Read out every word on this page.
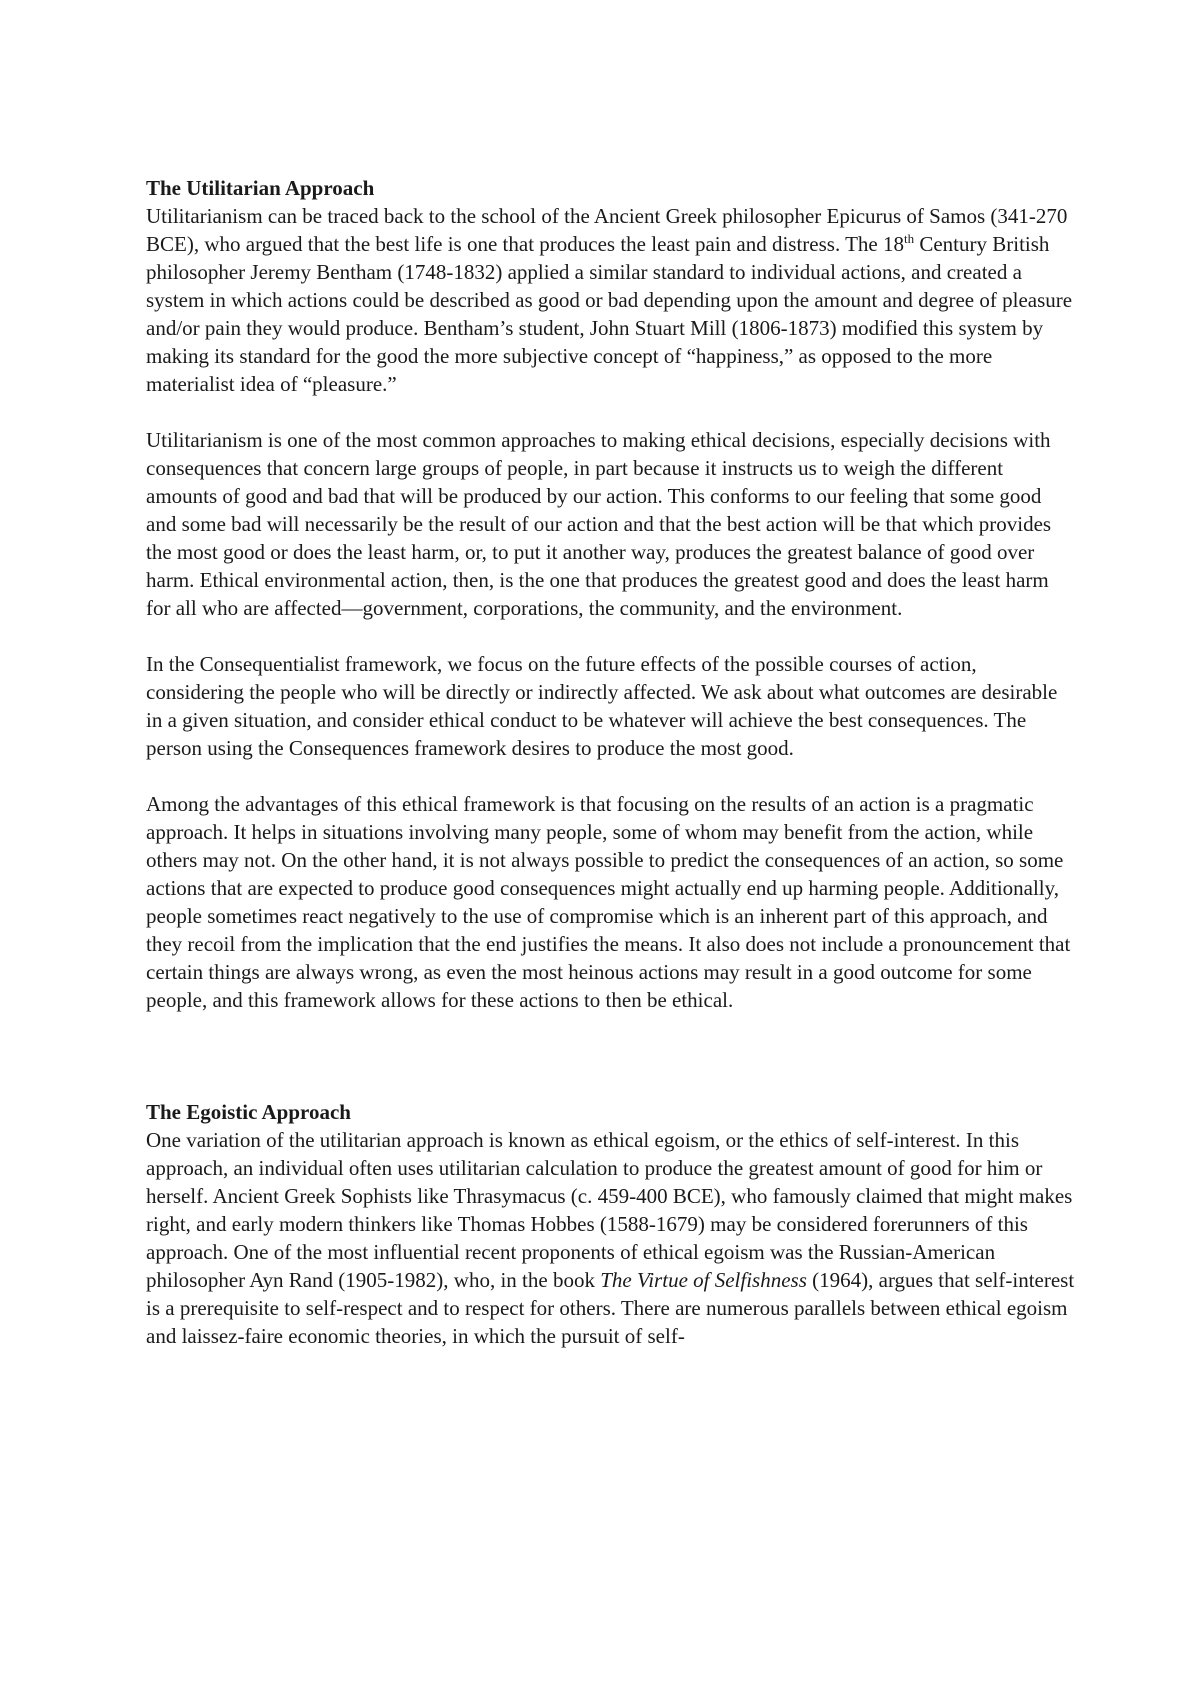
The Utilitarian Approach

Utilitarianism can be traced back to the school of the Ancient Greek philosopher Epicurus of Samos (341-270 BCE), who argued that the best life is one that produces the least pain and distress. The 18th Century British philosopher Jeremy Bentham (1748-1832) applied a similar standard to individual actions, and created a system in which actions could be described as good or bad depending upon the amount and degree of pleasure and/or pain they would produce. Bentham’s student, John Stuart Mill (1806-1873) modified this system by making its standard for the good the more subjective concept of “happiness,” as opposed to the more materialist idea of “pleasure.”

Utilitarianism is one of the most common approaches to making ethical decisions, especially decisions with consequences that concern large groups of people, in part because it instructs us to weigh the different amounts of good and bad that will be produced by our action. This conforms to our feeling that some good and some bad will necessarily be the result of our action and that the best action will be that which provides the most good or does the least harm, or, to put it another way, produces the greatest balance of good over harm. Ethical environmental action, then, is the one that produces the greatest good and does the least harm for all who are affected—government, corporations, the community, and the environment.

In the Consequentialist framework, we focus on the future effects of the possible courses of action, considering the people who will be directly or indirectly affected. We ask about what outcomes are desirable in a given situation, and consider ethical conduct to be whatever will achieve the best consequences. The person using the Consequences framework desires to produce the most good.

Among the advantages of this ethical framework is that focusing on the results of an action is a pragmatic approach. It helps in situations involving many people, some of whom may benefit from the action, while others may not. On the other hand, it is not always possible to predict the consequences of an action, so some actions that are expected to produce good consequences might actually end up harming people. Additionally, people sometimes react negatively to the use of compromise which is an inherent part of this approach, and they recoil from the implication that the end justifies the means. It also does not include a pronouncement that certain things are always wrong, as even the most heinous actions may result in a good outcome for some people, and this framework allows for these actions to then be ethical.

The Egoistic Approach

One variation of the utilitarian approach is known as ethical egoism, or the ethics of self-interest. In this approach, an individual often uses utilitarian calculation to produce the greatest amount of good for him or herself. Ancient Greek Sophists like Thrasymacus (c. 459-400 BCE), who famously claimed that might makes right, and early modern thinkers like Thomas Hobbes (1588-1679) may be considered forerunners of this approach. One of the most influential recent proponents of ethical egoism was the Russian-American philosopher Ayn Rand (1905-1982), who, in the book The Virtue of Selfishness (1964), argues that self-interest is a prerequisite to self-respect and to respect for others. There are numerous parallels between ethical egoism and laissez-faire economic theories, in which the pursuit of self-
